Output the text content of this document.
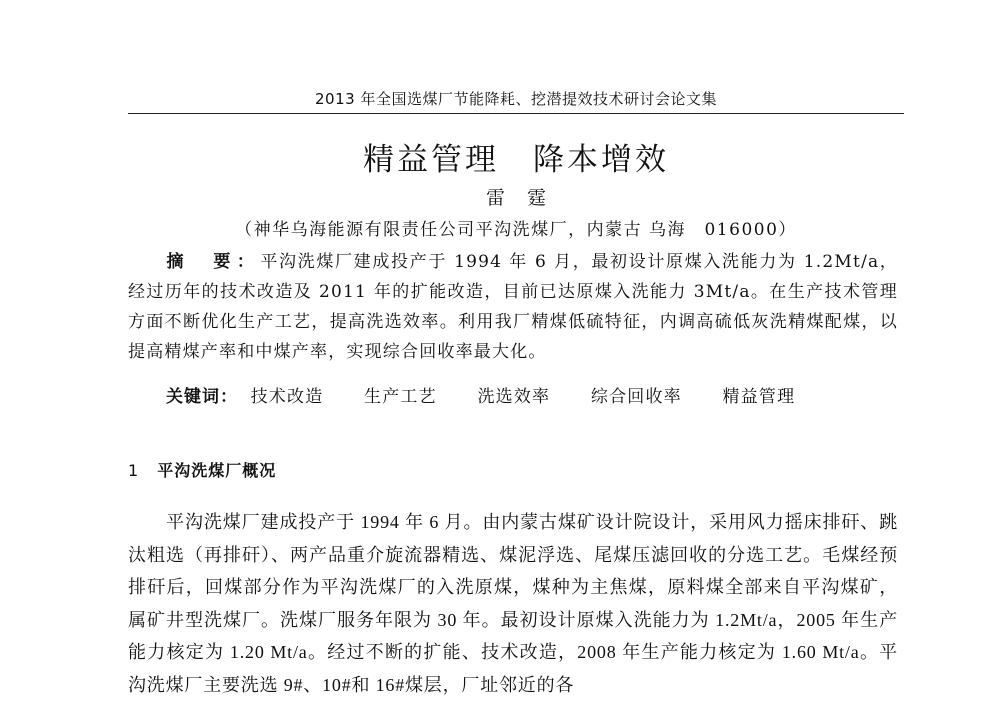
2013 年全国选煤厂节能降耗、挖潜提效技术研讨会论文集
精益管理　降本增效
雷霆
（神华乌海能源有限责任公司平沟洗煤厂，内蒙古 乌海　016000）

摘　要：平沟洗煤厂建成投产于 1994 年 6 月，最初设计原煤入洗能力为 1.2Mt/a，经过历年的技术改造及 2011 年的扩能改造，目前已达原煤入洗能力 3Mt/a。在生产技术管理方面不断优化生产工艺，提高洗选效率。利用我厂精煤低硫特征，内调高硫低灰洗精煤配煤，以提高精煤产率和中煤产率，实现综合回收率最大化。

关键词： 技术改造 生产工艺 洗选效率 综合回收率 精益管理
1 平沟洗煤厂概况

平沟洗煤厂建成投产于 1994 年 6 月。由内蒙古煤矿设计院设计，采用风力摇床排矸、跳汰粗选（再排矸）、两产品重介旋流器精选、煤泥浮选、尾煤压滤回收的分选工艺。毛煤经预排矸后，回煤部分作为平沟洗煤厂的入洗原煤，煤种为主焦煤，原料煤全部来自平沟煤矿，属矿井型洗煤厂。洗煤厂服务年限为 30 年。最初设计原煤入洗能力为 1.2Mt/a，2005 年生产能力核定为 1.20 Mt/a。经过不断的扩能、技术改造，2008 年生产能力核定为 1.60 Mt/a。平沟洗煤厂主要洗选 9#、10#和 16#煤层，厂址邻近的各
